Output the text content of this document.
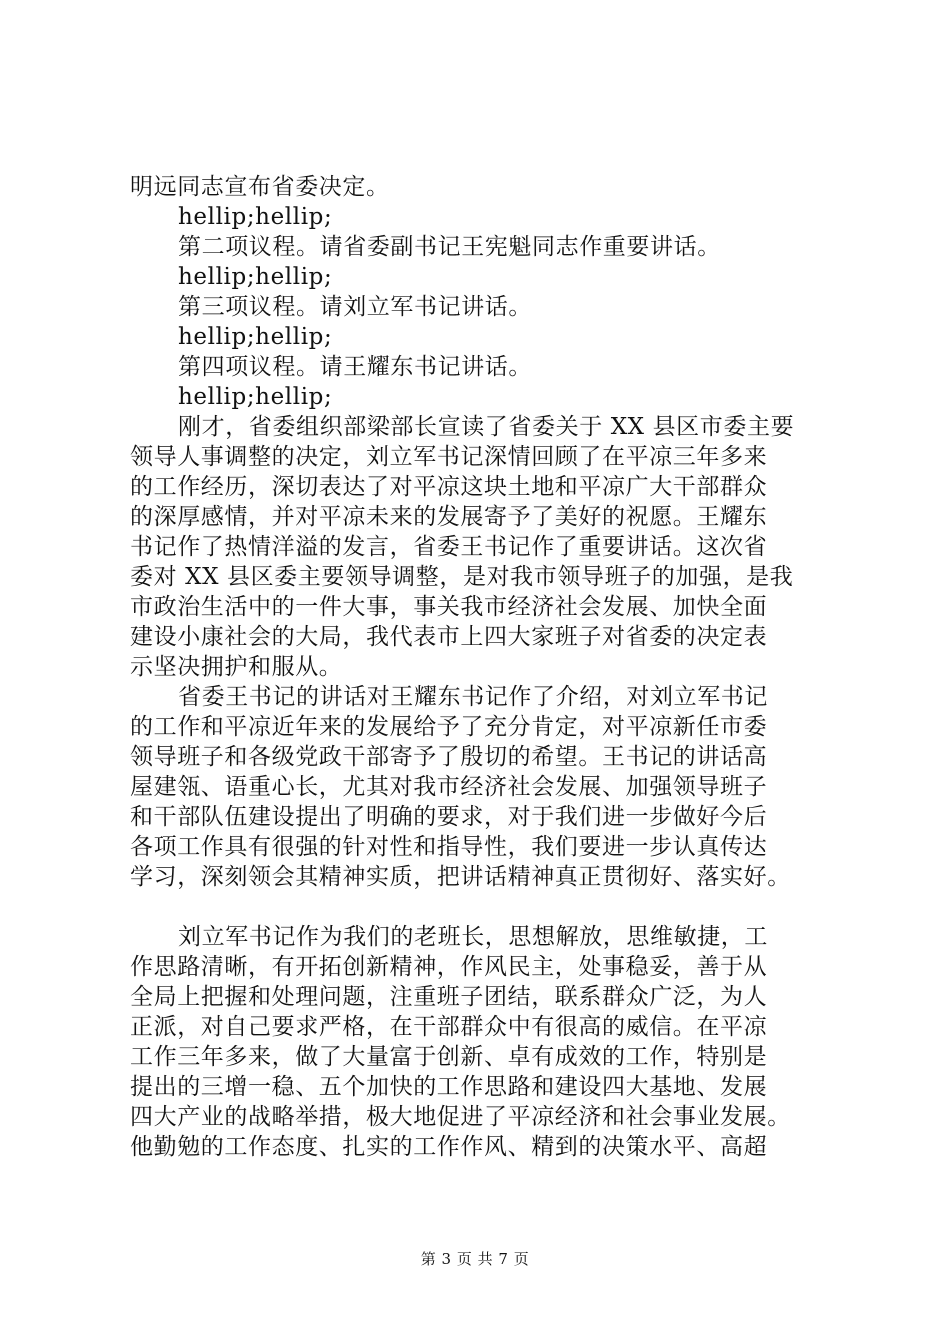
明远同志宣布省委决定。
hellip;hellip;
第二项议程。请省委副书记王宪魁同志作重要讲话。
hellip;hellip;
第三项议程。请刘立军书记讲话。
hellip;hellip;
第四项议程。请王耀东书记讲话。
hellip;hellip;
刚才，省委组织部梁部长宣读了省委关于 XX 县区市委主要
领导人事调整的决定，刘立军书记深情回顾了在平凉三年多来
的工作经历，深切表达了对平凉这块土地和平凉广大干部群众
的深厚感情，并对平凉未来的发展寄予了美好的祝愿。王耀东
书记作了热情洋溢的发言，省委王书记作了重要讲话。这次省
委对 XX 县区委主要领导调整，是对我市领导班子的加强，是我
市政治生活中的一件大事，事关我市经济社会发展、加快全面
建设小康社会的大局，我代表市上四大家班子对省委的决定表
示坚决拥护和服从。
省委王书记的讲话对王耀东书记作了介绍，对刘立军书记
的工作和平凉近年来的发展给予了充分肯定，对平凉新任市委
领导班子和各级党政干部寄予了殷切的希望。王书记的讲话高
屋建瓴、语重心长，尤其对我市经济社会发展、加强领导班子
和干部队伍建设提出了明确的要求，对于我们进一步做好今后
各项工作具有很强的针对性和指导性，我们要进一步认真传达
学习，深刻领会其精神实质，把讲话精神真正贯彻好、落实好。
刘立军书记作为我们的老班长，思想解放，思维敏捷，工
作思路清晰，有开拓创新精神，作风民主，处事稳妥，善于从
全局上把握和处理问题，注重班子团结，联系群众广泛，为人
正派，对自己要求严格，在干部群众中有很高的威信。在平凉
工作三年多来，做了大量富于创新、卓有成效的工作，特别是
提出的三增一稳、五个加快的工作思路和建设四大基地、发展
四大产业的战略举措，极大地促进了平凉经济和社会事业发展。
他勤勉的工作态度、扎实的工作作风、精到的决策水平、高超
第 3 页 共 7 页
